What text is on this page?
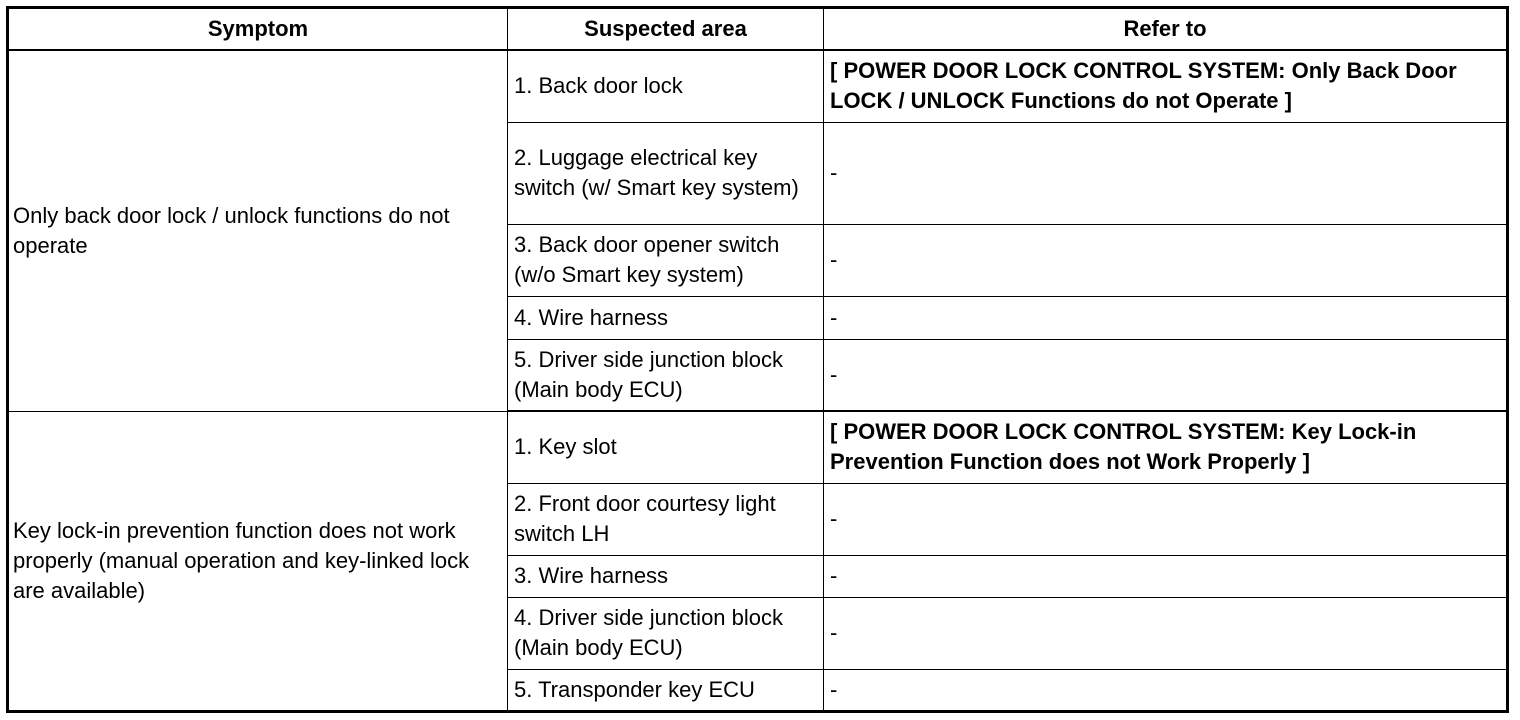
Symptom	Suspected area	Refer to
Only back door lock / unlock functions do not operate	1. Back door lock	[ POWER DOOR LOCK CONTROL SYSTEM: Only Back Door LOCK / UNLOCK Functions do not Operate ]
	2. Luggage electrical key switch (w/ Smart key system)	-
	3. Back door opener switch (w/o Smart key system)	-
	4. Wire harness	-
	5. Driver side junction block (Main body ECU)	-
Key lock-in prevention function does not work properly (manual operation and key-linked lock are available)	1. Key slot	[ POWER DOOR LOCK CONTROL SYSTEM: Key Lock-in Prevention Function does not Work Properly ]
	2. Front door courtesy light switch LH	-
	3. Wire harness	-
	4. Driver side junction block (Main body ECU)	-
	5. Transponder key ECU	-
